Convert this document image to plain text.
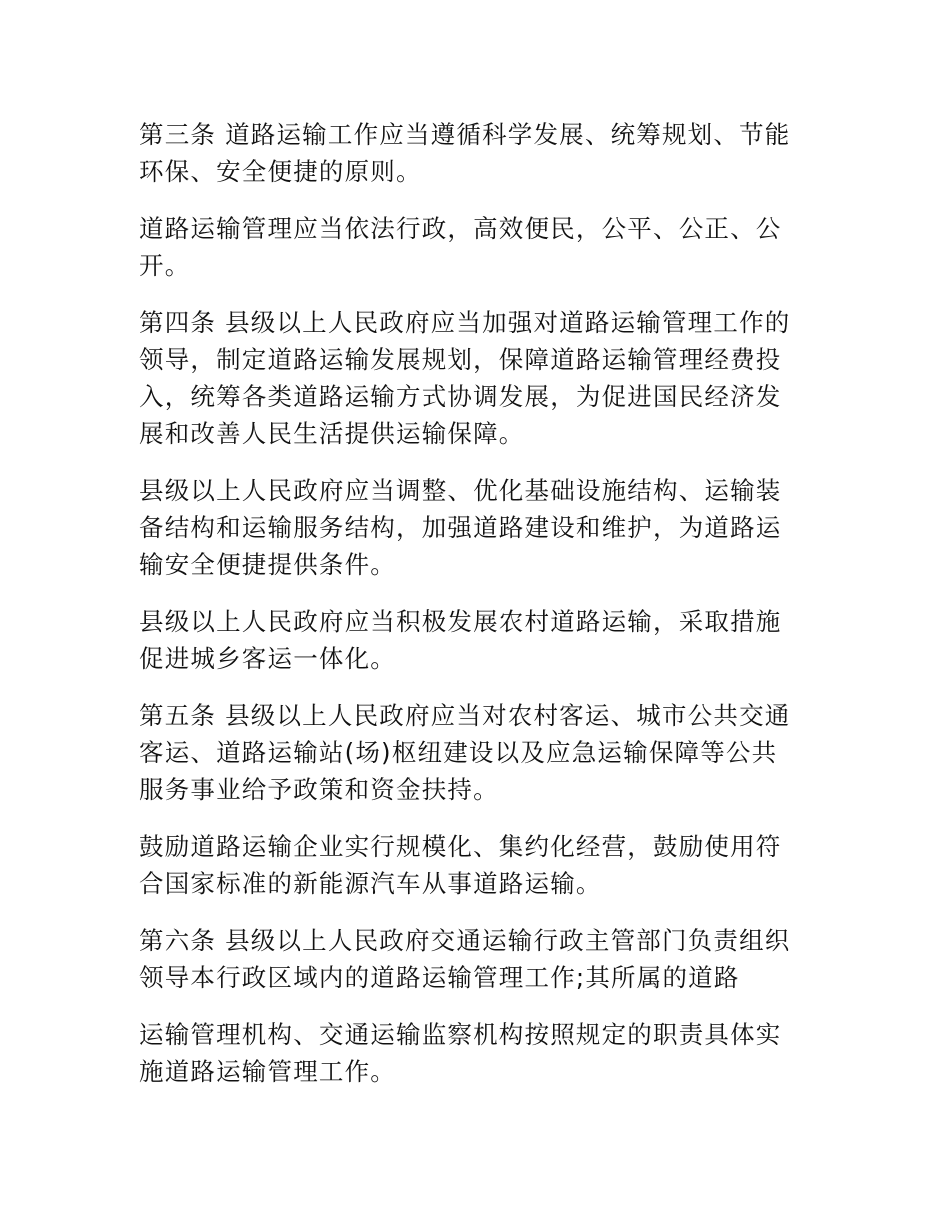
第三条 道路运输工作应当遵循科学发展、统筹规划、节能
环保、安全便捷的原则。

道路运输管理应当依法行政，高效便民，公平、公正、公
开。

第四条 县级以上人民政府应当加强对道路运输管理工作的
领导，制定道路运输发展规划，保障道路运输管理经费投
入，统筹各类道路运输方式协调发展，为促进国民经济发
展和改善人民生活提供运输保障。

县级以上人民政府应当调整、优化基础设施结构、运输装
备结构和运输服务结构，加强道路建设和维护，为道路运
输安全便捷提供条件。

县级以上人民政府应当积极发展农村道路运输，采取措施
促进城乡客运一体化。

第五条 县级以上人民政府应当对农村客运、城市公共交通
客运、道路运输站(场)枢纽建设以及应急运输保障等公共
服务事业给予政策和资金扶持。

鼓励道路运输企业实行规模化、集约化经营，鼓励使用符
合国家标准的新能源汽车从事道路运输。

第六条 县级以上人民政府交通运输行政主管部门负责组织
领导本行政区域内的道路运输管理工作;其所属的道路

运输管理机构、交通运输监察机构按照规定的职责具体实
施道路运输管理工作。
